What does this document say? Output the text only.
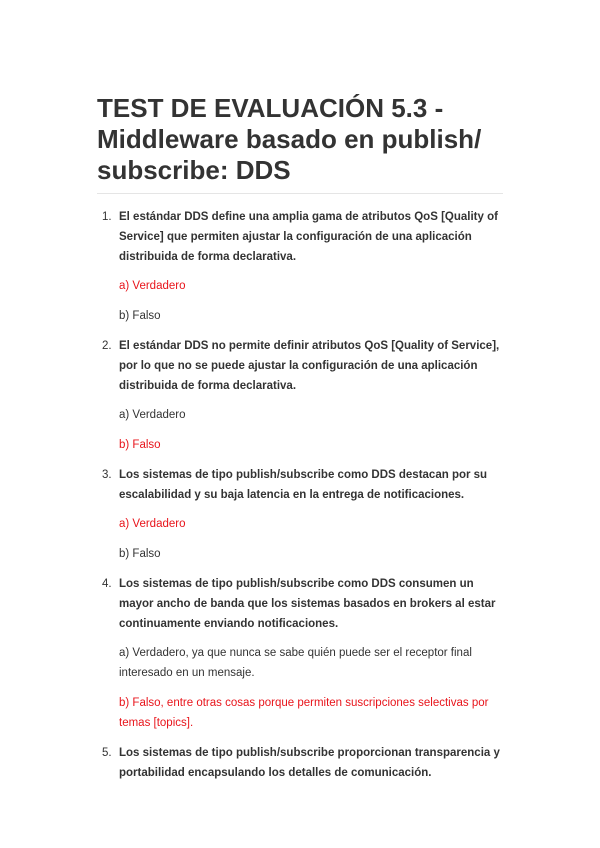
TEST DE EVALUACIÓN 5.3 - Middleware basado en publish/ subscribe: DDS
1. El estándar DDS define una amplia gama de atributos QoS [Quality of Service] que permiten ajustar la configuración de una aplicación distribuida de forma declarativa.

a) Verdadero

b) Falso

2. El estándar DDS no permite definir atributos QoS [Quality of Service], por lo que no se puede ajustar la configuración de una aplicación distribuida de forma declarativa.

a) Verdadero

b) Falso

3. Los sistemas de tipo publish/subscribe como DDS destacan por su escalabilidad y su baja latencia en la entrega de notificaciones.

a) Verdadero

b) Falso

4. Los sistemas de tipo publish/subscribe como DDS consumen un mayor ancho de banda que los sistemas basados en brokers al estar continuamente enviando notificaciones.

a) Verdadero, ya que nunca se sabe quién puede ser el receptor final interesado en un mensaje.

b) Falso, entre otras cosas porque permiten suscripciones selectivas por temas [topics].

5. Los sistemas de tipo publish/subscribe proporcionan transparencia y portabilidad encapsulando los detalles de comunicación.
